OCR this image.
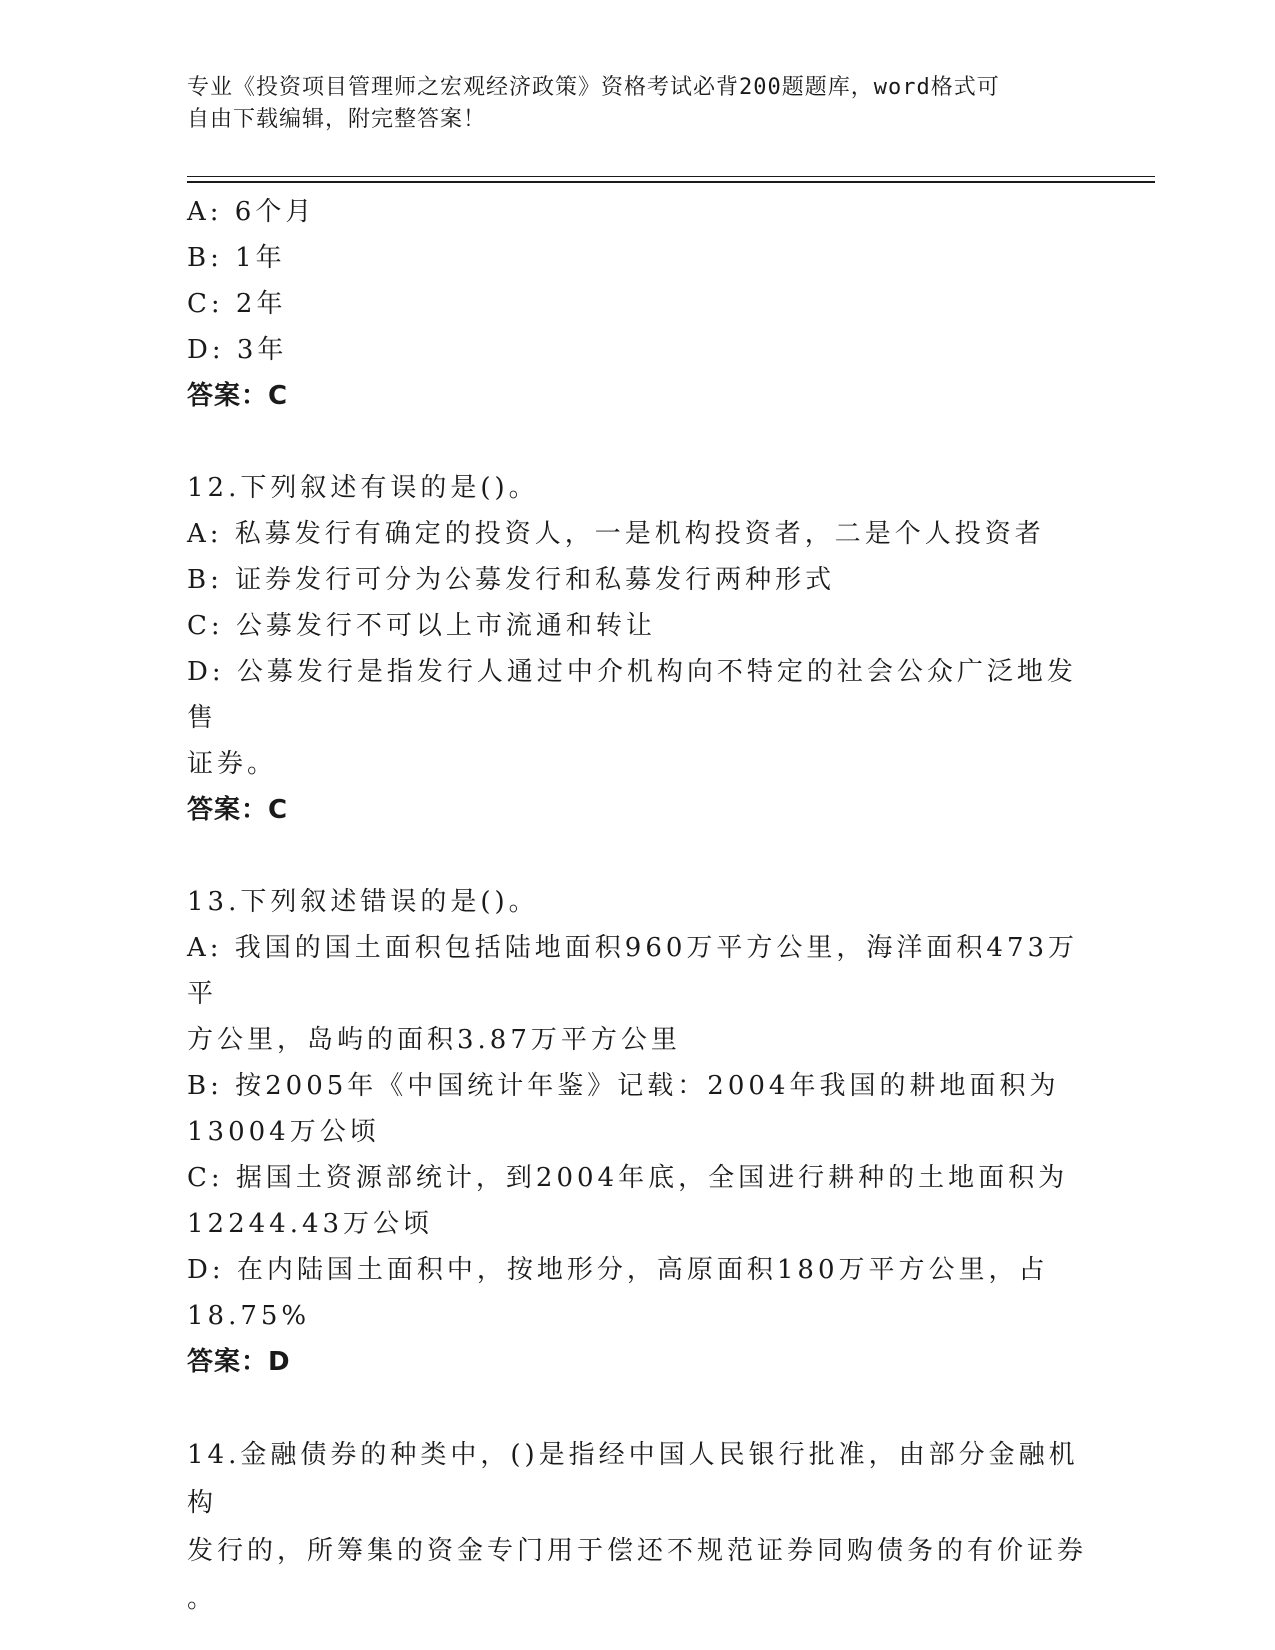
专业《投资项目管理师之宏观经济政策》资格考试必背200题题库，word格式可
自由下载编辑，附完整答案！
A: 6个月
B: 1年
C: 2年
D: 3年
答案：C
12.下列叙述有误的是()。
A: 私募发行有确定的投资人，一是机构投资者，二是个人投资者
B: 证券发行可分为公募发行和私募发行两种形式
C: 公募发行不可以上市流通和转让
D: 公募发行是指发行人通过中介机构向不特定的社会公众广泛地发售
证券。
答案：C
13.下列叙述错误的是()。
A: 我国的国土面积包括陆地面积960万平方公里，海洋面积473万平
方公里，岛屿的面积3.87万平方公里
B: 按2005年《中国统计年鉴》记载：2004年我国的耕地面积为
13004万公顷
C: 据国土资源部统计，到2004年底，全国进行耕种的土地面积为
12244.43万公顷
D: 在内陆国土面积中，按地形分，高原面积180万平方公里，占
18.75%
答案：D
14.金融债券的种类中，()是指经中国人民银行批准，由部分金融机构
发行的，所筹集的资金专门用于偿还不规范证券同购债务的有价证券
。
